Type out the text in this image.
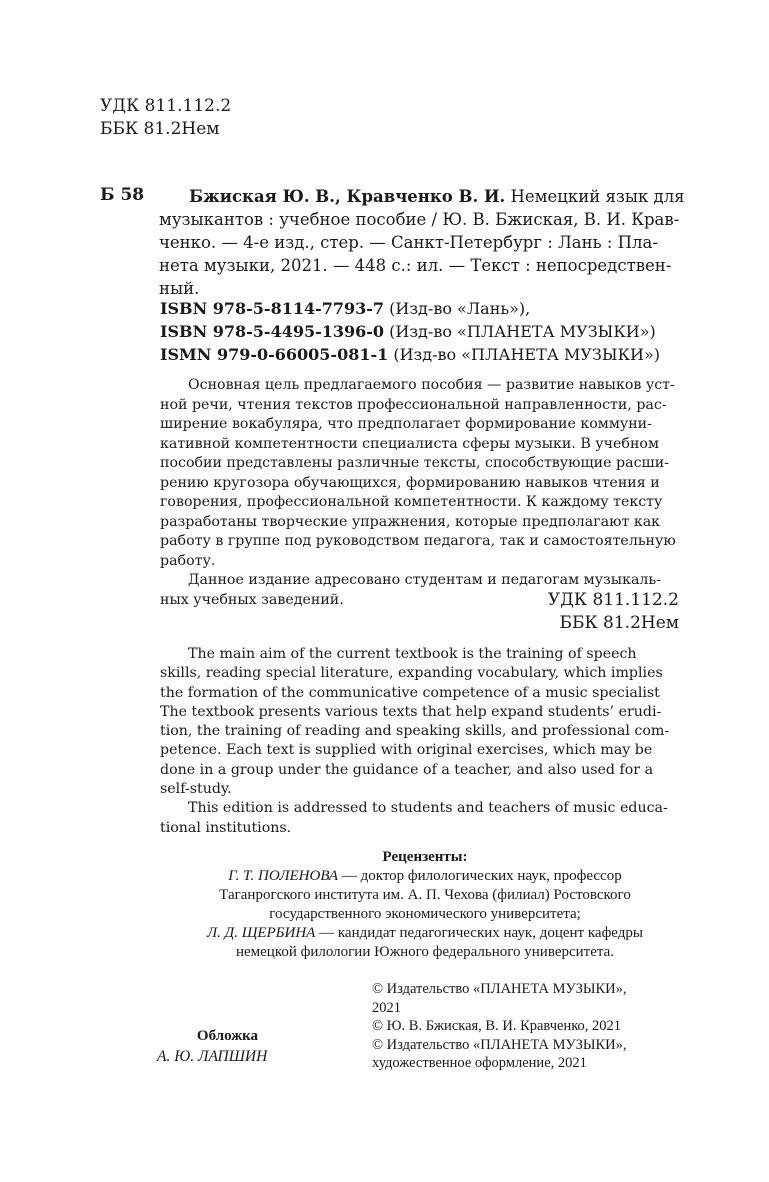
УДК 811.112.2
ББК 81.2Нем
Б 58	Бжиская Ю. В., Кравченко В. И. Немецкий язык для
музыкантов : учебное пособие / Ю. В. Бжиская, В. И. Крав-
ченко. — 4-е изд., стер. — Санкт-Петербург : Лань : Пла-
нета музыки, 2021. — 448 с.: ил. — Текст : непосредствен-
ный.
ISBN 978-5-8114-7793-7 (Изд-во «Лань»),
ISBN 978-5-4495-1396-0 (Изд-во «ПЛАНЕТА МУЗЫКИ»)
ISMN 979-0-66005-081-1 (Изд-во «ПЛАНЕТА МУЗЫКИ»)
Основная цель предлагаемого пособия — развитие навыков уст-
ной речи, чтения текстов профессиональной направленности, рас-
ширение вокабуляра, что предполагает формирование коммуни-
кативной компетентности специалиста сферы музыки. В учебном
пособии представлены различные тексты, способствующие расши-
рению кругозора обучающихся, формированию навыков чтения и
говорения, профессиональной компетентности. К каждому тексту
разработаны творческие упражнения, которые предполагают как
работу в группе под руководством педагога, так и самостоятельную
работу.
Данное издание адресовано студентам и педагогам музыкаль-
ных учебных заведений.	УДК 811.112.2
ББК 81.2Нем
The main aim of the current textbook is the training of speech
skills, reading special literature, expanding vocabulary, which implies
the formation of the communicative competence of a music specialist
The textbook presents various texts that help expand students’ erudi-
tion, the training of reading and speaking skills, and professional com-
petence. Each text is supplied with original exercises, which may be
done in a group under the guidance of a teacher, and also used for a
self-study.
This edition is addressed to students and teachers of music educa-
tional institutions.
Рецензенты:
Г. Т. ПОЛЕНОВА — доктор филологических наук, профессор
Таганрогского института им. А. П. Чехова (филиал) Ростовского
государственного экономического университета;
Л. Д. ЩЕРБИНА — кандидат педагогических наук, доцент кафедры
немецкой филологии Южного федерального университета.
Обложка
А. Ю. ЛАПШИН
© Издательство «ПЛАНЕТА МУЗЫКИ»,
2021
© Ю. В. Бжиская, В. И. Кравченко, 2021
© Издательство «ПЛАНЕТА МУЗЫКИ»,
художественное оформление, 2021
